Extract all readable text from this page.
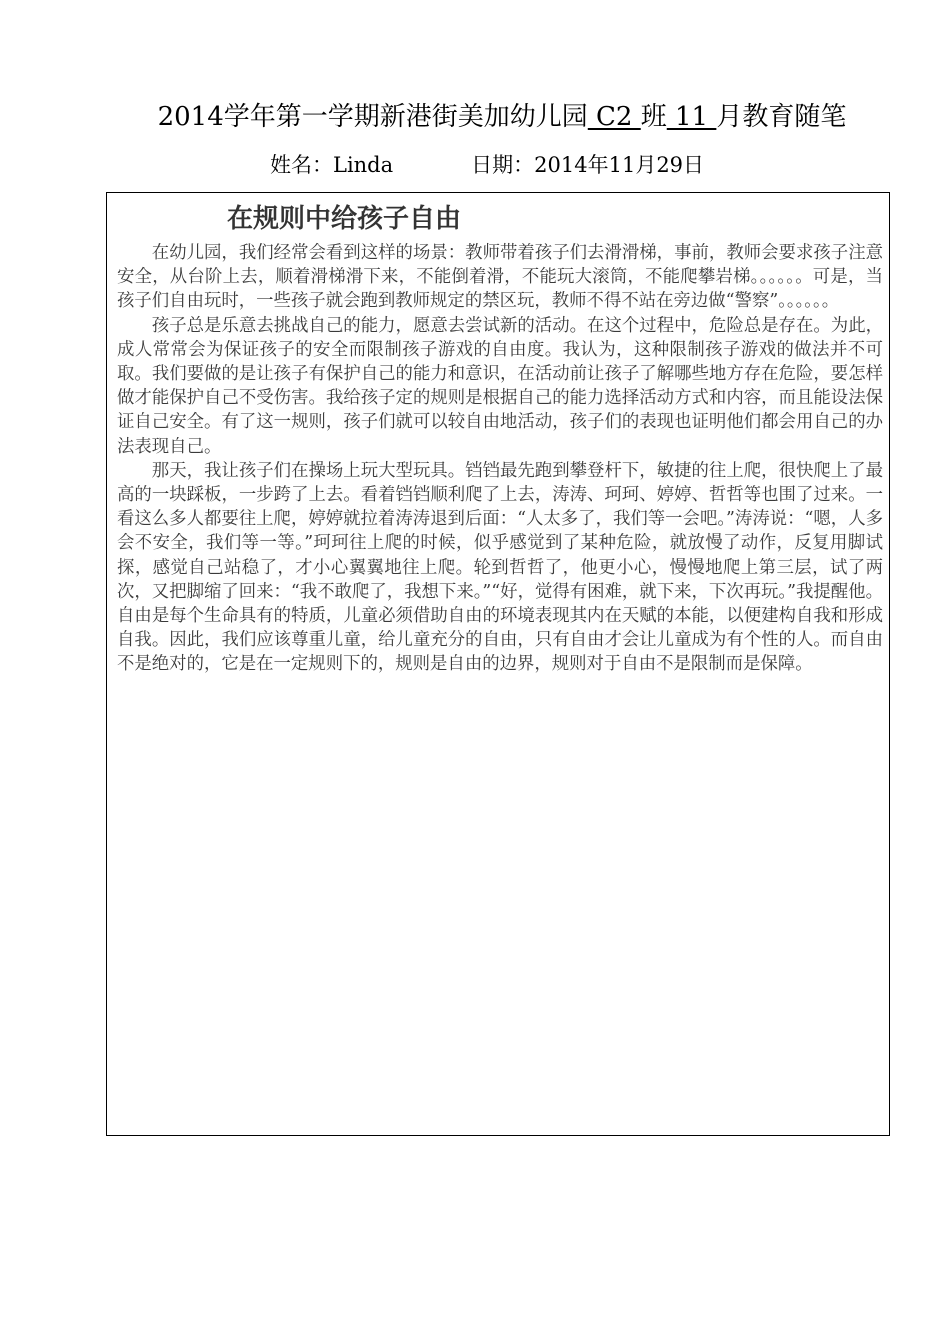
2014学年第一学期新港街美加幼儿园 C2 班 11 月教育随笔
姓名：Linda	日期：2014年11月29日
在规则中给孩子自由

在幼儿园，我们经常会看到这样的场景：教师带着孩子们去滑滑梯，事前，教师会要求孩子注意安全，从台阶上去，顺着滑梯滑下来，不能倒着滑，不能玩大滚筒，不能爬攀岩梯。。。。。。可是，当孩子们自由玩时，一些孩子就会跑到教师规定的禁区玩，教师不得不站在旁边做“警察”。。。。。。

孩子总是乐意去挑战自己的能力，愿意去尝试新的活动。在这个过程中，危险总是存在。为此，成人常常会为保证孩子的安全而限制孩子游戏的自由度。我认为，这种限制孩子游戏的做法并不可取。我们要做的是让孩子有保护自己的能力和意识，在活动前让孩子了解哪些地方存在危险，要怎样做才能保护自己不受伤害。我给孩子定的规则是根据自己的能力选择活动方式和内容，而且能设法保证自己安全。有了这一规则，孩子们就可以较自由地活动，孩子们的表现也证明他们都会用自己的办法表现自己。

那天，我让孩子们在操场上玩大型玩具。铛铛最先跑到攀登杆下，敏捷的往上爬，很快爬上了最高的一块踩板，一步跨了上去。看着铛铛顺利爬了上去，涛涛、珂珂、婷婷、哲哲等也围了过来。一看这么多人都要往上爬，婷婷就拉着涛涛退到后面：“人太多了，我们等一会吧。”涛涛说：“嗯，人多会不安全，我们等一等。”珂珂往上爬的时候，似乎感觉到了某种危险，就放慢了动作，反复用脚试探，感觉自己站稳了，才小心翼翼地往上爬。轮到哲哲了，他更小心，慢慢地爬上第三层，试了两次，又把脚缩了回来：“我不敢爬了，我想下来。”“好，觉得有困难，就下来，下次再玩。”我提醒他。

自由是每个生命具有的特质，儿童必须借助自由的环境表现其内在天赋的本能，以便建构自我和形成自我。因此，我们应该尊重儿童，给儿童充分的自由，只有自由才会让儿童成为有个性的人。而自由不是绝对的，它是在一定规则下的，规则是自由的边界，规则对于自由不是限制而是保障。
